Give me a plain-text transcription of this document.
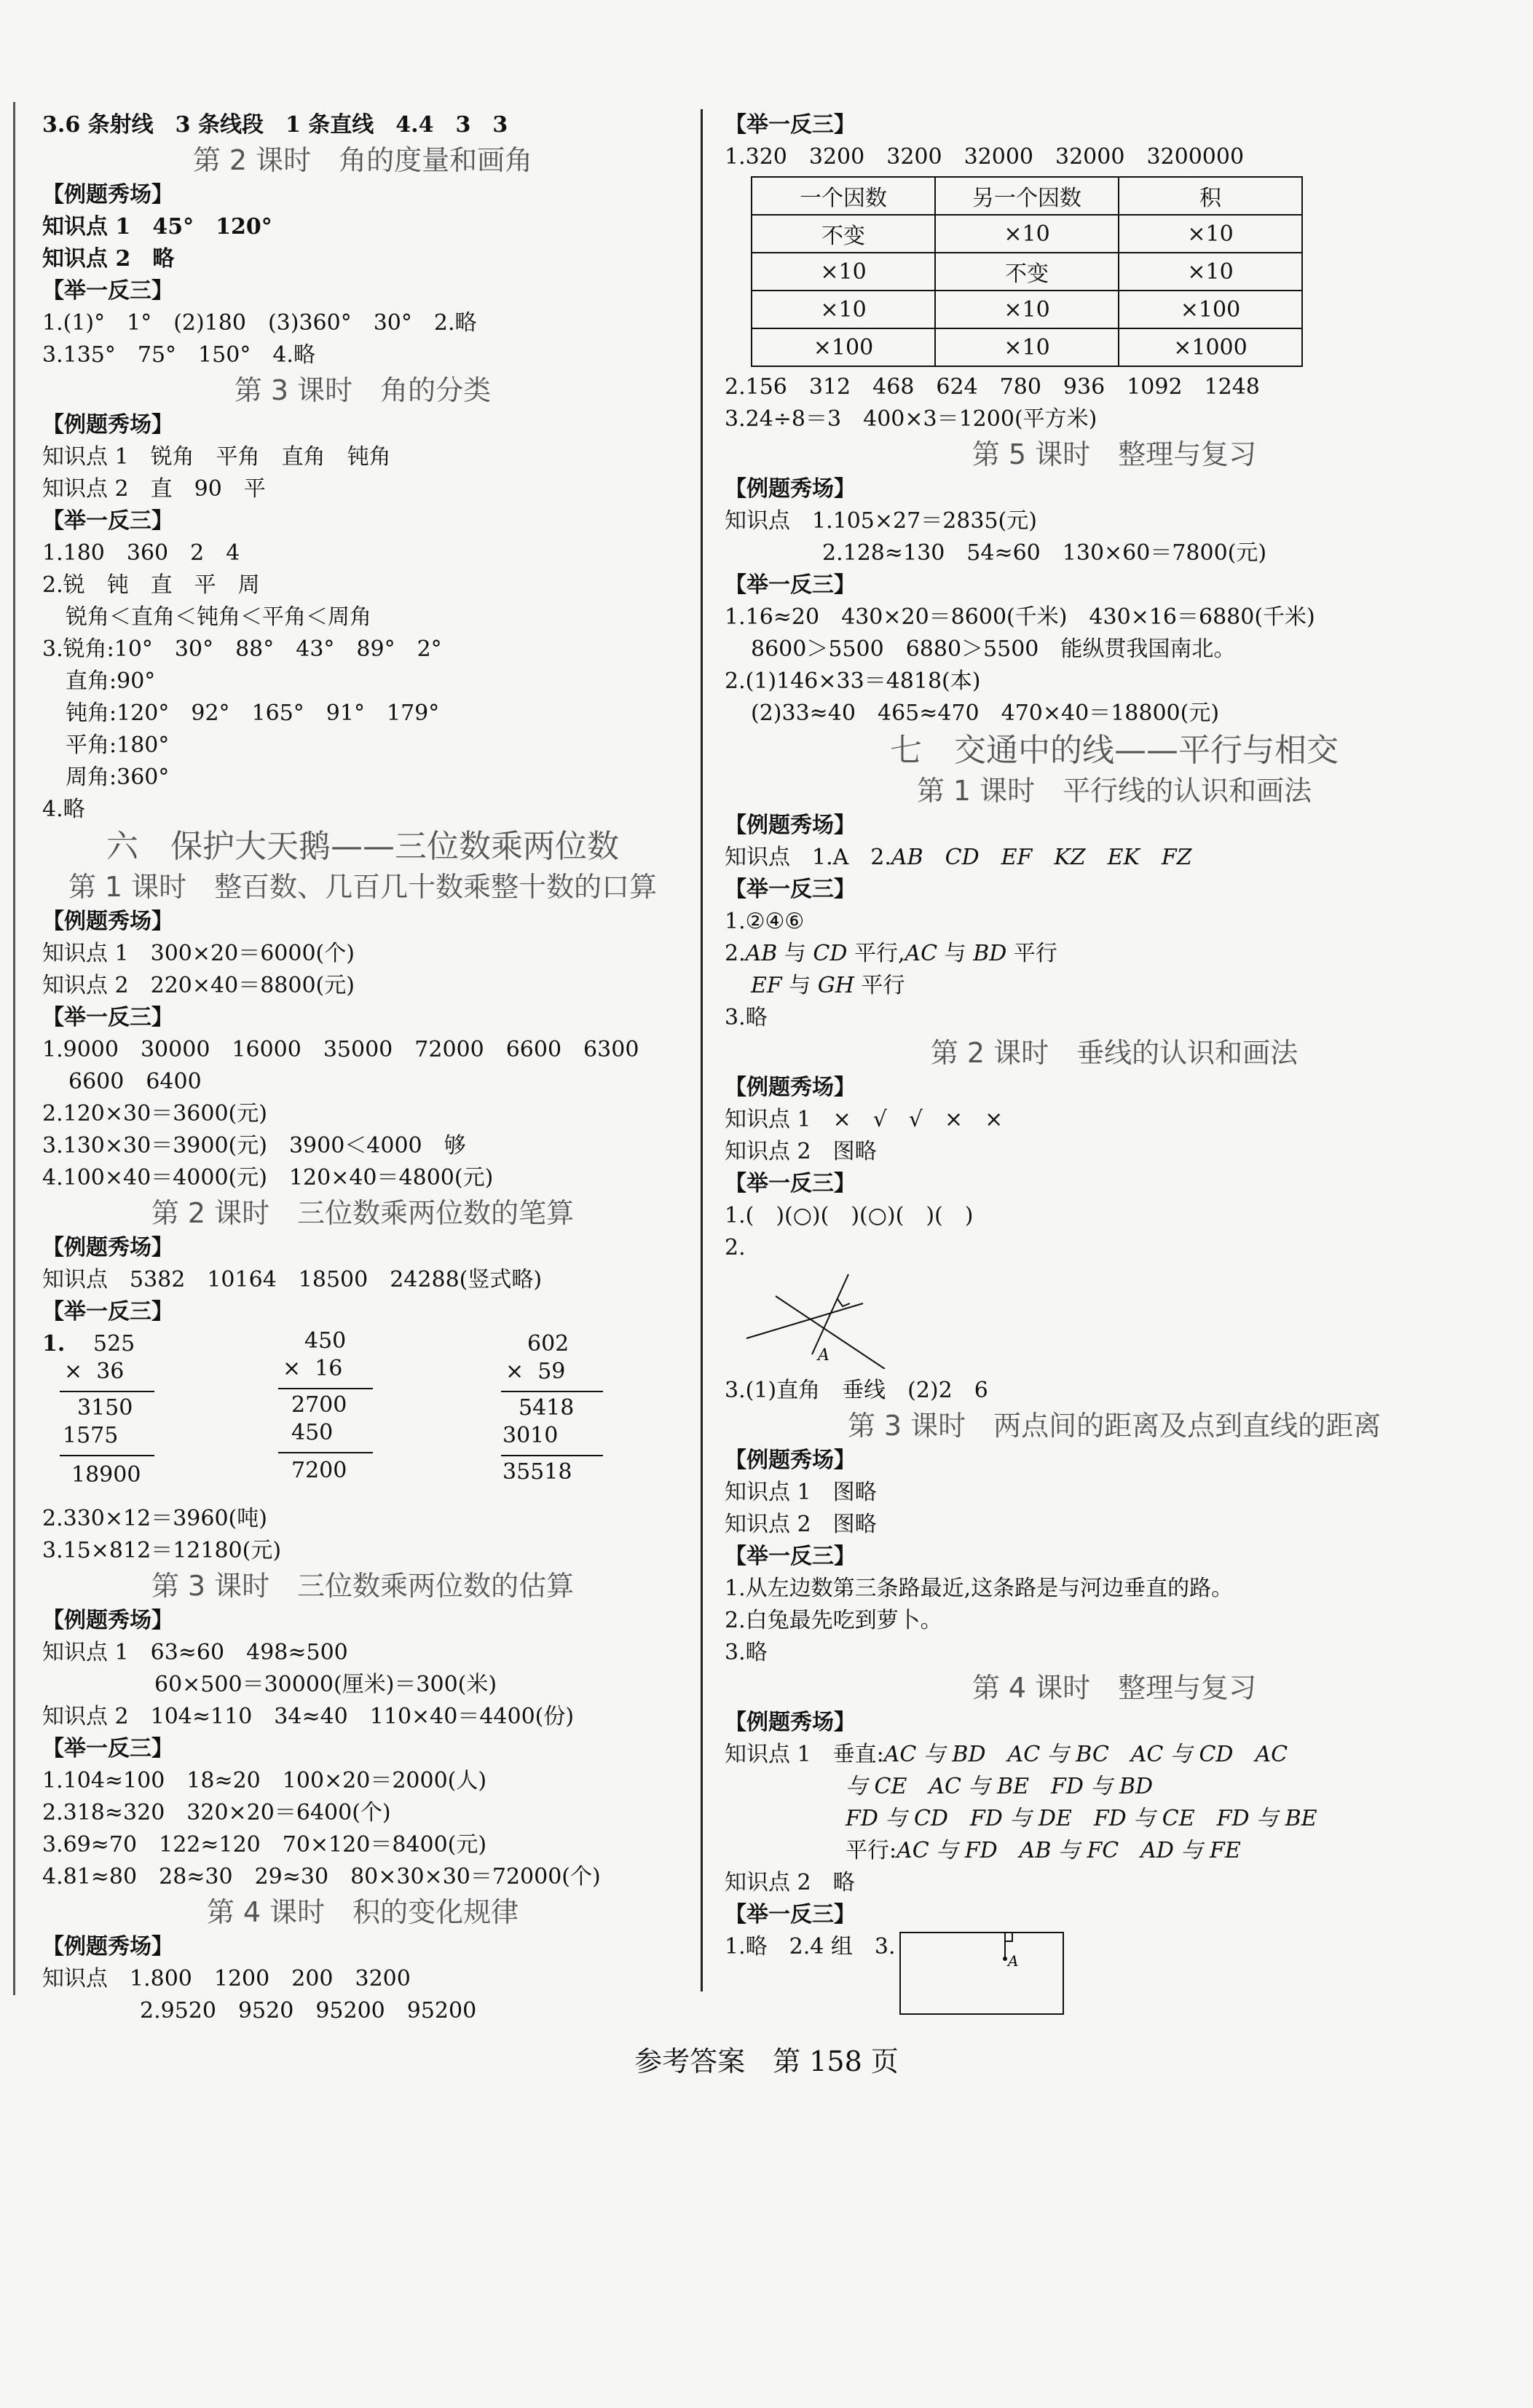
3.6 条射线　3 条线段　1 条直线　4.4　3　3
第 2 课时　角的度量和画角
【例题秀场】
知识点 1　45°　120°
知识点 2　略
【举一反三】
1.(1)°　1°　(2)180　(3)360°　30°　2.略
3.135°　75°　150°　4.略
第 3 课时　角的分类
【例题秀场】
知识点 1　锐角　平角　直角　钝角
知识点 2　直　90　平
【举一反三】
1.180　360　2　4
2.锐　钝　直　平　周
锐角＜直角＜钝角＜平角＜周角
3.锐角:10°　30°　88°　43°　89°　2°
直角:90°
钝角:120°　92°　165°　91°　179°
平角:180°
周角:360°
4.略
六　保护大天鹅——三位数乘两位数
第 1 课时　整百数、几百几十数乘整十数的口算
【例题秀场】
知识点 1　300×20＝6000(个)
知识点 2　220×40＝8800(元)
【举一反三】
1.9000　30000　16000　35000　72000　6600　6300
6600　6400
2.120×30＝3600(元)
3.130×30＝3900(元)　3900＜4000　够
4.100×40＝4000(元)　120×40＝4800(元)
第 2 课时　三位数乘两位数的笔算
【例题秀场】
知识点　5382　10164　18500　24288(竖式略)
【举一反三】
1. 525
×  36
3150
1575
18900
450
×  16
2700
450
7200
602
×  59
5418
3010
35518
2.330×12＝3960(吨)
3.15×812＝12180(元)
第 3 课时　三位数乘两位数的估算
【例题秀场】
知识点 1　63≈60　498≈500
60×500＝30000(厘米)＝300(米)
知识点 2　104≈110　34≈40　110×40＝4400(份)
【举一反三】
1.104≈100　18≈20　100×20＝2000(人)
2.318≈320　320×20＝6400(个)
3.69≈70　122≈120　70×120＝8400(元)
4.81≈80　28≈30　29≈30　80×30×30＝72000(个)
第 4 课时　积的变化规律
【例题秀场】
知识点　1.800　1200　200　3200
2.9520　9520　95200　95200
【举一反三】
1.320　3200　3200　32000　32000　3200000
一个因数	另一个因数	积
不变	×10	×10
×10	不变	×10
×10	×10	×100
×100	×10	×1000
2.156　312　468　624　780　936　1092　1248
3.24÷8＝3　400×3＝1200(平方米)
第 5 课时　整理与复习
【例题秀场】
知识点　1.105×27＝2835(元)
2.128≈130　54≈60　130×60＝7800(元)
【举一反三】
1.16≈20　430×20＝8600(千米)　430×16＝6880(千米)
8600＞5500　6880＞5500　能纵贯我国南北。
2.(1)146×33＝4818(本)
(2)33≈40　465≈470　470×40＝18800(元)
七　交通中的线——平行与相交
第 1 课时　平行线的认识和画法
【例题秀场】
知识点　1.A　2.AB　CD　EF　KZ　EK　FZ
【举一反三】
1.②④⑥
2.AB 与 CD 平行,AC 与 BD 平行
EF 与 GH 平行
3.略
第 2 课时　垂线的认识和画法
【例题秀场】
知识点 1　×　√　√　×　×
知识点 2　图略
【举一反三】
1.(　)(○)(　)(○)(　)(　)
2.
A
3.(1)直角　垂线　(2)2　6
第 3 课时　两点间的距离及点到直线的距离
【例题秀场】
知识点 1　图略
知识点 2　图略
【举一反三】
1.从左边数第三条路最近,这条路是与河边垂直的路。
2.白兔最先吃到萝卜。
3.略
第 4 课时　整理与复习
【例题秀场】
知识点 1　垂直:AC 与 BD　AC 与 BC　AC 与 CD　AC
与 CE　AC 与 BE　FD 与 BD
FD 与 CD　FD 与 DE　FD 与 CE　FD 与 BE
平行:AC 与 FD　AB 与 FC　AD 与 FE
知识点 2　略
【举一反三】
1.略　2.4 组　3.
A
参考答案　第 158 页
